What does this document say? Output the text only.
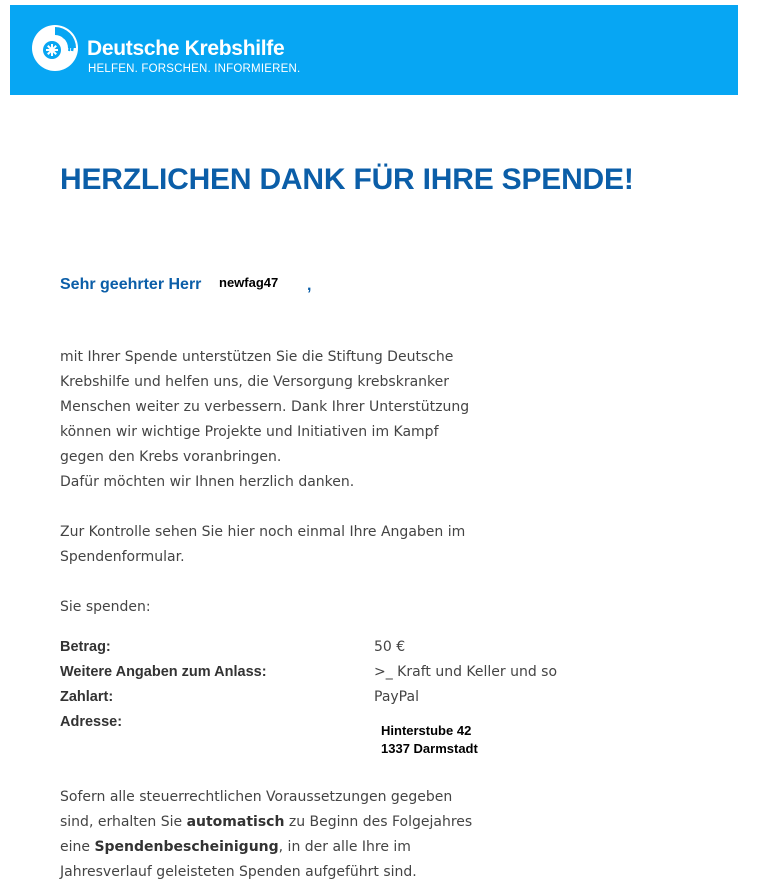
Deutsche Krebshilfe
HELFEN. FORSCHEN. INFORMIEREN.
HERZLICHEN DANK FÜR IHRE SPENDE!
Sehr geehrter Herr newfag47 ,

mit Ihrer Spende unterstützen Sie die Stiftung Deutsche
Krebshilfe und helfen uns, die Versorgung krebskranker
Menschen weiter zu verbessern. Dank Ihrer Unterstützung
können wir wichtige Projekte und Initiativen im Kampf
gegen den Krebs voranbringen.
Dafür möchten wir Ihnen herzlich danken.

Zur Kontrolle sehen Sie hier noch einmal Ihre Angaben im
Spendenformular.

Sie spenden:

Betrag:	50 €
Weitere Angaben zum Anlass:	>_ Kraft und Keller und so
Zahlart:	PayPal
Adresse:
Hinterstube 42
1337 Darmstadt

Sofern alle steuerrechtlichen Voraussetzungen gegeben
sind, erhalten Sie automatisch zu Beginn des Folgejahres
eine Spendenbescheinigung, in der alle Ihre im
Jahresverlauf geleisteten Spenden aufgeführt sind.
